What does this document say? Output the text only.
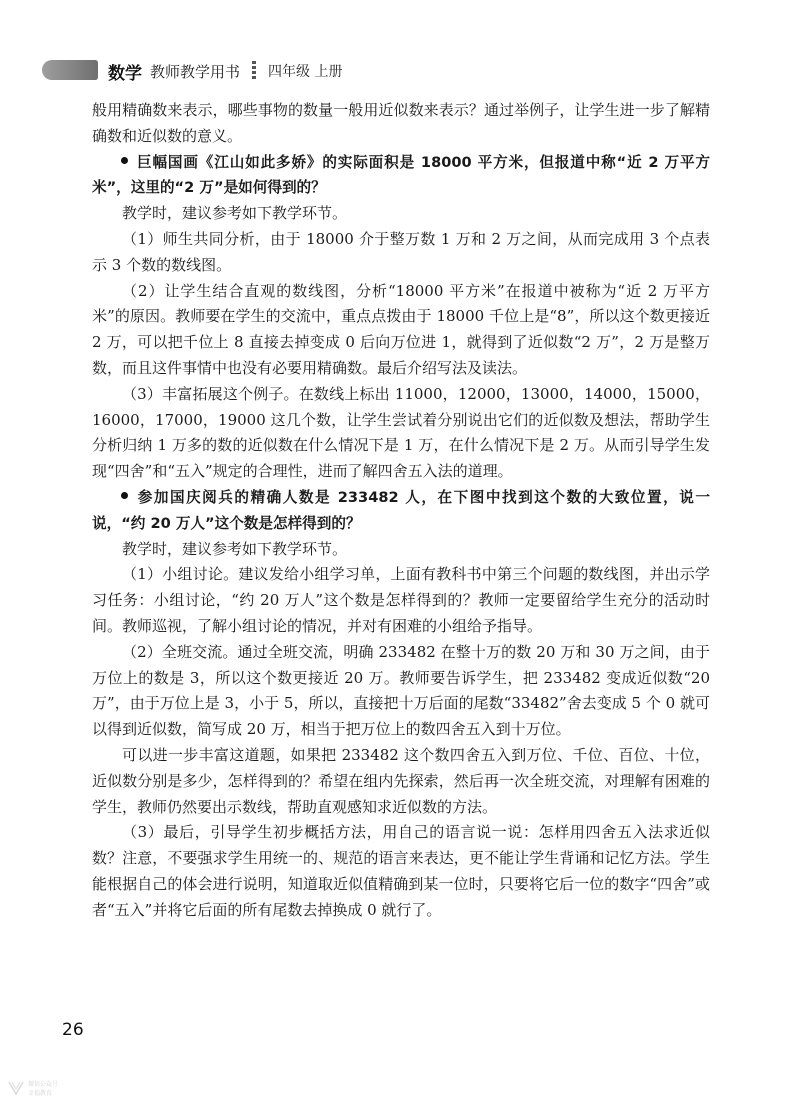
数学 教师教学用书 四年级 上册

般用精确数来表示，哪些事物的数量一般用近似数来表示？通过举例子，让学生进一步了解精确数和近似数的意义。

巨幅国画《江山如此多娇》的实际面积是 18000 平方米，但报道中称“近 2 万平方米”，这里的“2 万”是如何得到的？

教学时，建议参考如下教学环节。

（1）师生共同分析，由于 18000 介于整万数 1 万和 2 万之间，从而完成用 3 个点表示 3 个数的数线图。

（2）让学生结合直观的数线图，分析“18000 平方米”在报道中被称为“近 2 万平方米”的原因。教师要在学生的交流中，重点点拨由于 18000 千位上是“8”，所以这个数更接近 2 万，可以把千位上 8 直接去掉变成 0 后向万位进 1，就得到了近似数“2 万”，2 万是整万数，而且这件事情中也没有必要用精确数。最后介绍写法及读法。

（3）丰富拓展这个例子。在数线上标出 11000，12000，13000，14000，15000，16000，17000，19000 这几个数，让学生尝试着分别说出它们的近似数及想法，帮助学生分析归纳 1 万多的数的近似数在什么情况下是 1 万，在什么情况下是 2 万。从而引导学生发现“四舍”和“五入”规定的合理性，进而了解四舍五入法的道理。

参加国庆阅兵的精确人数是 233482 人，在下图中找到这个数的大致位置，说一说，“约 20 万人”这个数是怎样得到的？

教学时，建议参考如下教学环节。

（1）小组讨论。建议发给小组学习单，上面有教科书中第三个问题的数线图，并出示学习任务：小组讨论，“约 20 万人”这个数是怎样得到的？教师一定要留给学生充分的活动时间。教师巡视，了解小组讨论的情况，并对有困难的小组给予指导。

（2）全班交流。通过全班交流，明确 233482 在整十万的数 20 万和 30 万之间，由于万位上的数是 3，所以这个数更接近 20 万。教师要告诉学生，把 233482 变成近似数“20 万”，由于万位上是 3，小于 5，所以，直接把十万后面的尾数“33482”舍去变成 5 个 0 就可以得到近似数，简写成 20 万，相当于把万位上的数四舍五入到十万位。

可以进一步丰富这道题，如果把 233482 这个数四舍五入到万位、千位、百位、十位，近似数分别是多少，怎样得到的？希望在组内先探索，然后再一次全班交流，对理解有困难的学生，教师仍然要出示数线，帮助直观感知求近似数的方法。

（3）最后，引导学生初步概括方法，用自己的语言说一说：怎样用四舍五入法求近似数？注意，不要强求学生用统一的、规范的语言来表达，更不能让学生背诵和记忆方法。学生能根据自己的体会进行说明，知道取近似值精确到某一位时，只要将它后一位的数字“四舍”或者“五入”并将它后面的所有尾数去掉换成 0 就行了。

26
微信公众号
幸福教育
